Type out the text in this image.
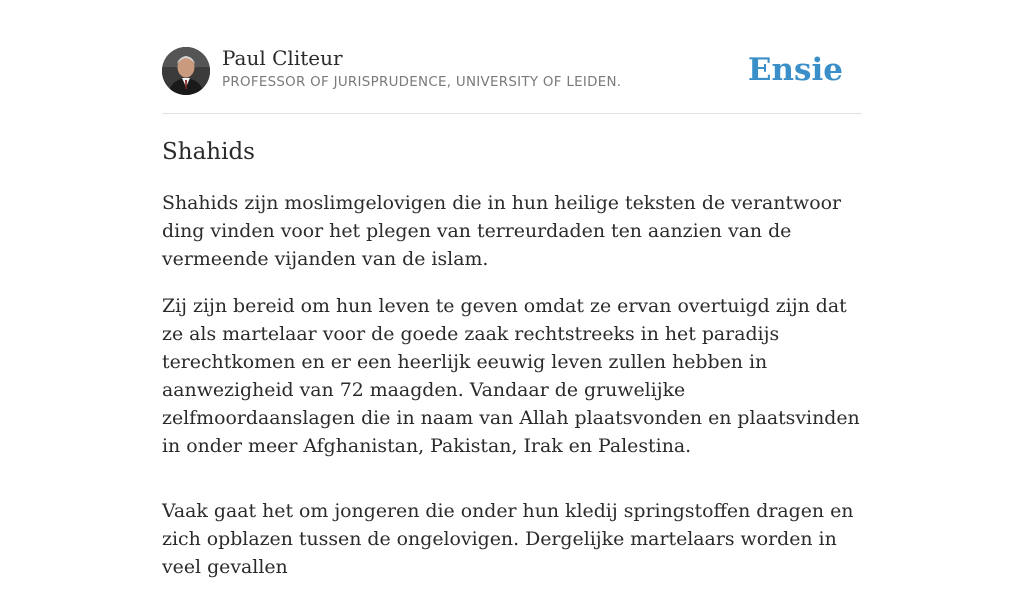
Paul Cliteur
PROFESSOR OF JURISPRUDENCE, UNIVERSITY OF LEIDEN.	Ensie
Shahids

Shahids zijn moslimgelovigen die in hun heilige teksten de verantwoor ding vinden voor het plegen van terreurdaden ten aanzien van de vermeende vijanden van de islam.

Zij zijn bereid om hun leven te geven omdat ze ervan overtuigd zijn dat ze als martelaar voor de goede zaak rechtstreeks in het paradijs terechtkomen en er een heerlijk eeuwig leven zullen hebben in aanwezigheid van 72 maagden. Vandaar de gruwelijke zelfmoordaanslagen die in naam van Allah plaatsvonden en plaatsvinden in onder meer Afghanistan, Pakistan, Irak en Palestina.

Vaak gaat het om jongeren die onder hun kledij springstoffen dragen en zich opblazen tussen de ongelovigen. Dergelijke martelaars worden in veel gevallen
